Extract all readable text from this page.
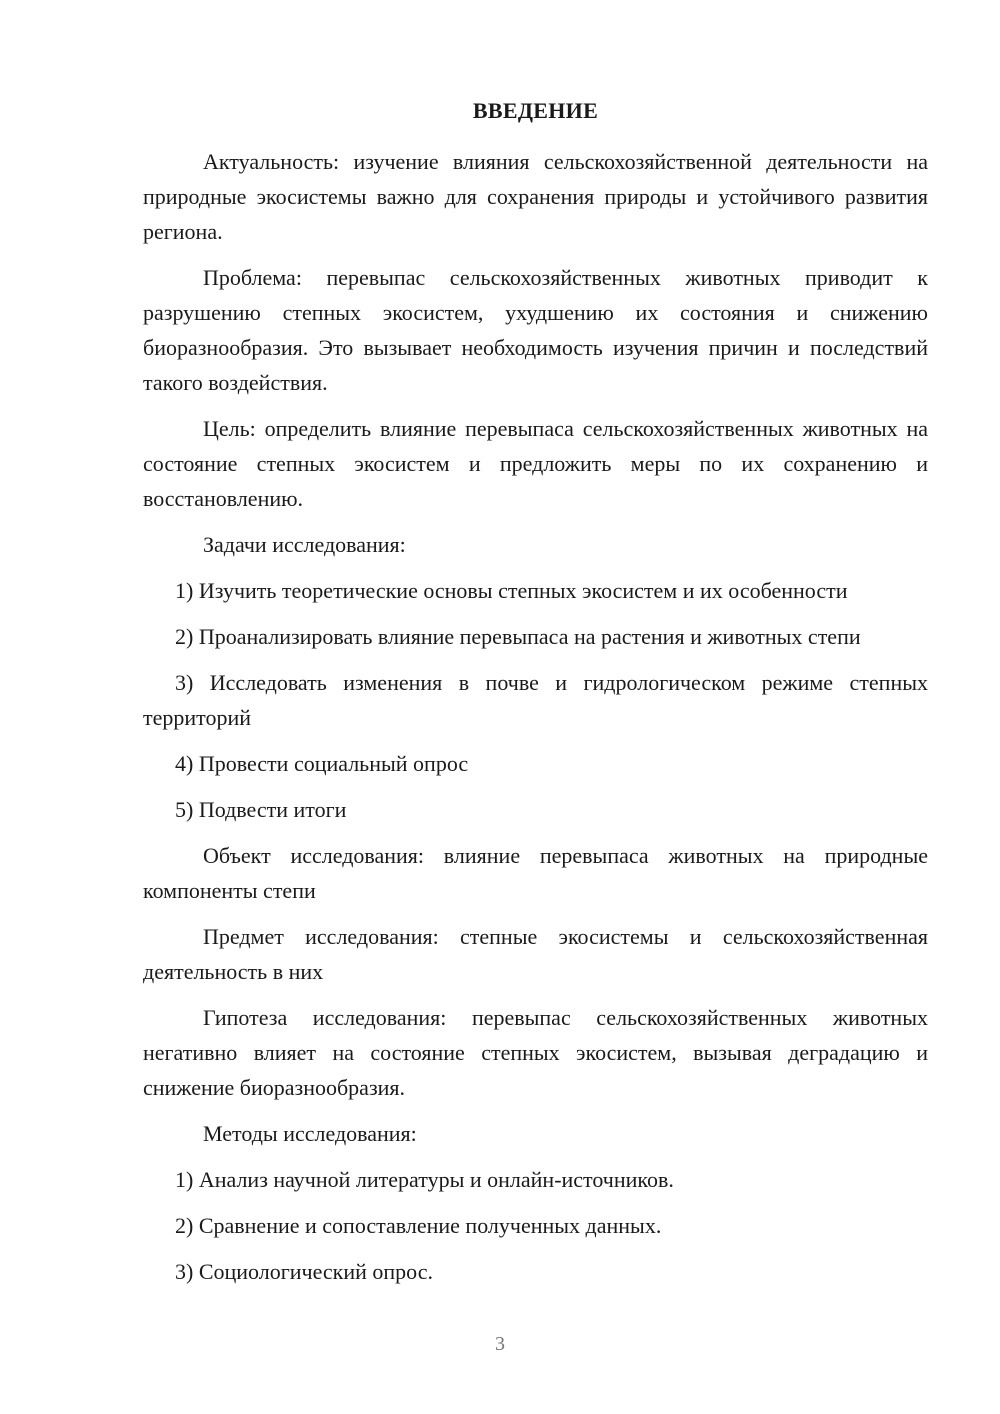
ВВЕДЕНИЕ

Актуальность: изучение влияния сельскохозяйственной деятельности на природные экосистемы важно для сохранения природы и устойчивого развития региона.

Проблема: перевыпас сельскохозяйственных животных приводит к разрушению степных экосистем, ухудшению их состояния и снижению биоразнообразия. Это вызывает необходимость изучения причин и последствий такого воздействия.

Цель: определить влияние перевыпаса сельскохозяйственных животных на состояние степных экосистем и предложить меры по их сохранению и восстановлению.

Задачи исследования:

1) Изучить теоретические основы степных экосистем и их особенности

2) Проанализировать влияние перевыпаса на растения и животных степи

3) Исследовать изменения в почве и гидрологическом режиме степных территорий

4) Провести социальный опрос

5) Подвести итоги

Объект исследования: влияние перевыпаса животных на природные компоненты степи

Предмет исследования: степные экосистемы и сельскохозяйственная деятельность в них

Гипотеза исследования: перевыпас сельскохозяйственных животных негативно влияет на состояние степных экосистем, вызывая деградацию и снижение биоразнообразия.

Методы исследования:

1) Анализ научной литературы и онлайн-источников.

2) Сравнение и сопоставление полученных данных.

3) Социологический опрос.

3
